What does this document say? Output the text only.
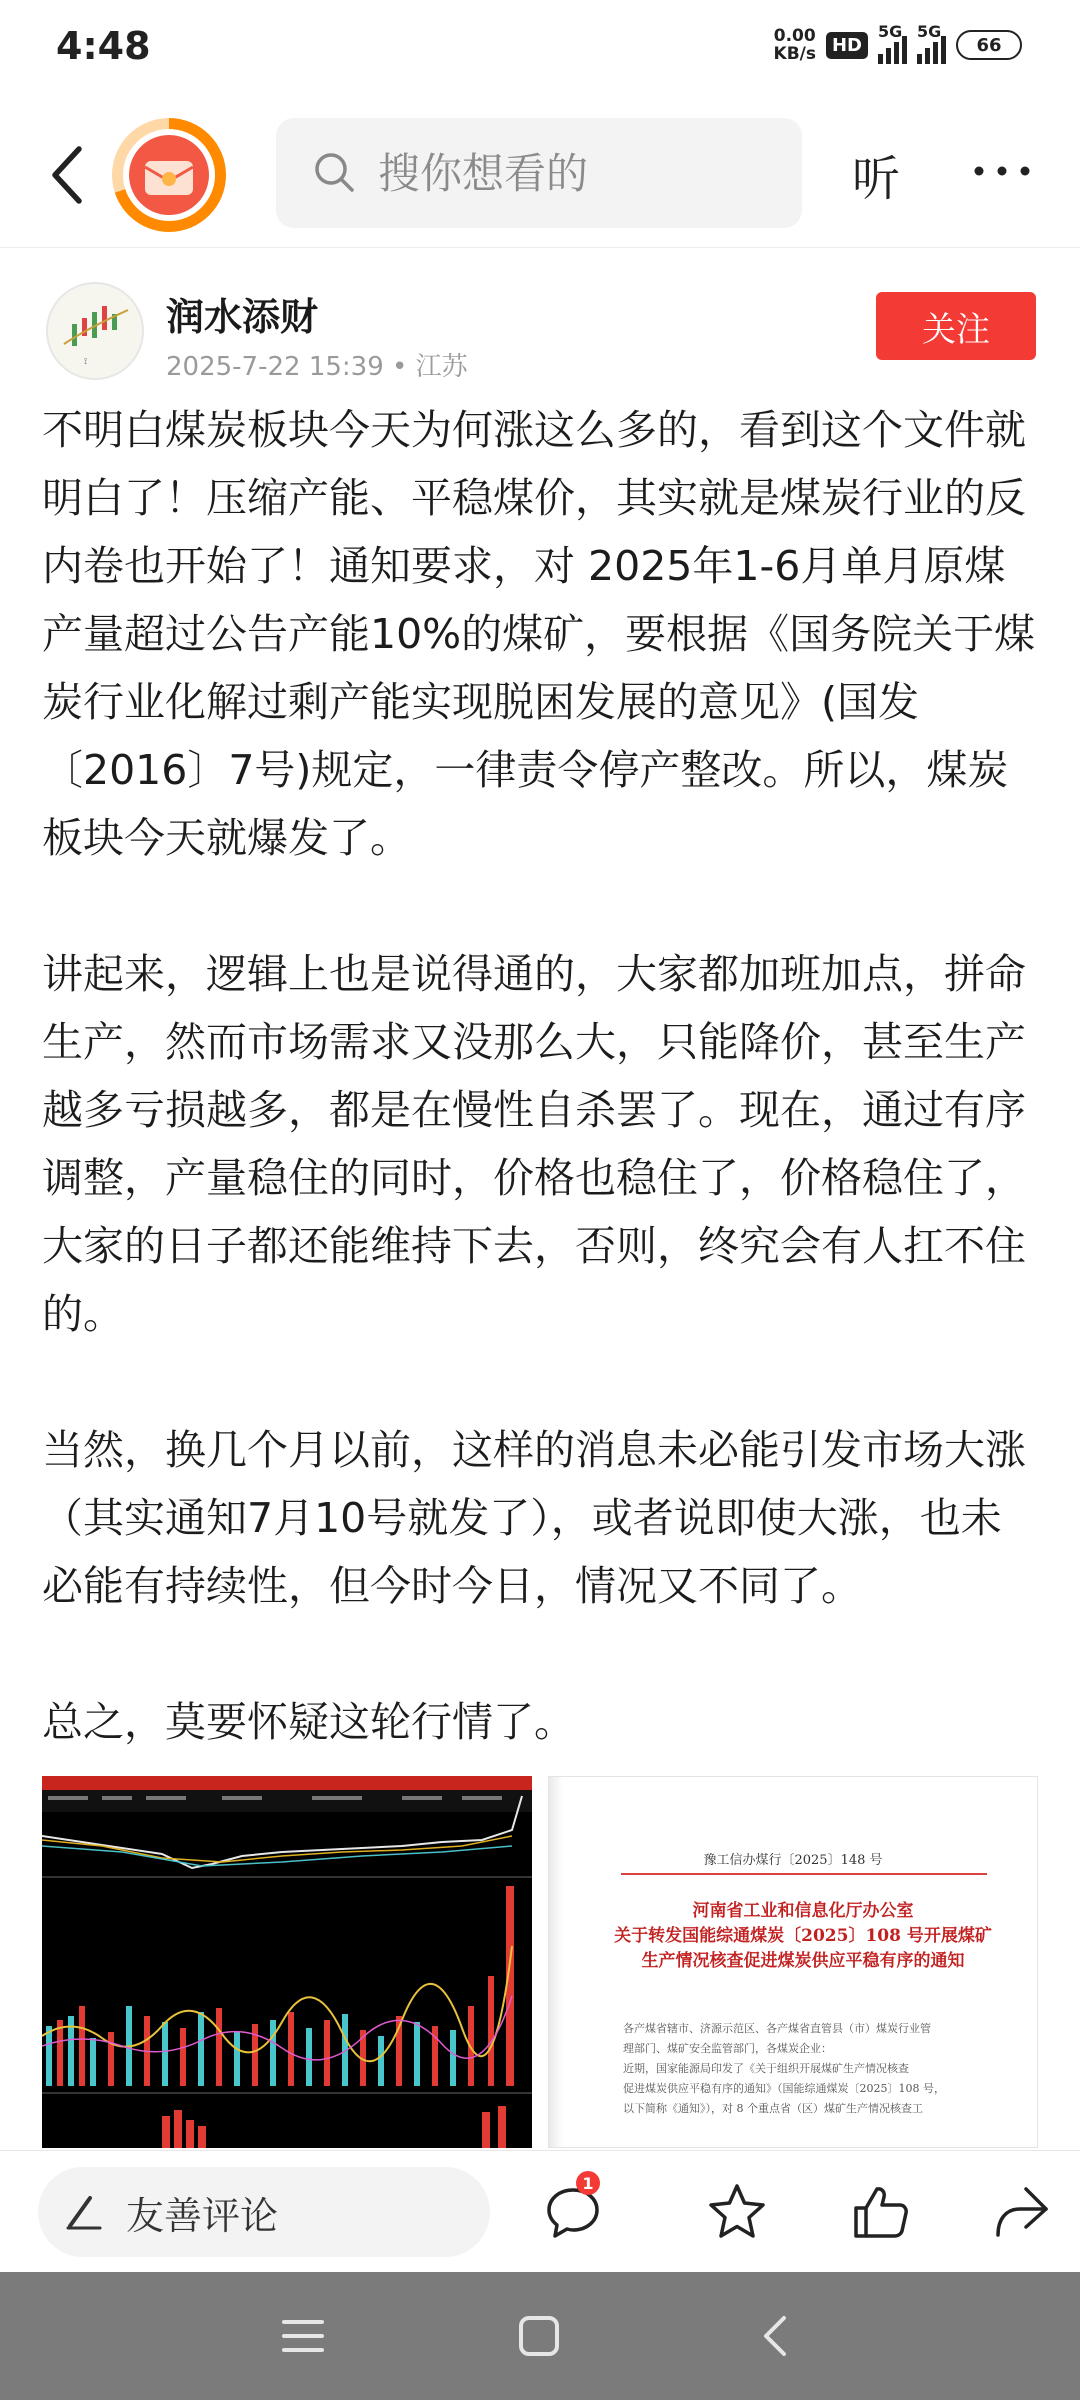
4:48	0.00
KB/s HD
5G 5G
66
搜你想看的
听
⟟
润水添财
2025-7-22 15:39 • 江苏
关注

不明白煤炭板块今天为何涨这么多的，看到这个文件就明白了！压缩产能、平稳煤价，其实就是煤炭行业的反内卷也开始了！通知要求，对 2025年1-6月单月原煤产量超过公告产能10%的煤矿，要根据《国务院关于煤炭行业化解过剩产能实现脱困发展的意见》(国发〔2016〕7号)规定，一律责令停产整改。所以，煤炭板块今天就爆发了。

讲起来，逻辑上也是说得通的，大家都加班加点，拼命生产，然而市场需求又没那么大，只能降价，甚至生产越多亏损越多，都是在慢性自杀罢了。现在，通过有序调整，产量稳住的同时，价格也稳住了，价格稳住了，大家的日子都还能维持下去，否则，终究会有人扛不住的。

当然，换几个月以前，这样的消息未必能引发市场大涨（其实通知7月10号就发了），或者说即使大涨，也未必能有持续性，但今时今日，情况又不同了。

总之，莫要怀疑这轮行情了。

豫工信办煤行〔2025〕148 号
河南省工业和信息化厅办公室
关于转发国能综通煤炭〔2025〕108 号开展煤矿
生产情况核查促进煤炭供应平稳有序的通知
各产煤省辖市、济源示范区、各产煤省直管县（市）煤炭行业管
理部门、煤矿安全监管部门，各煤炭企业：
近期，国家能源局印发了《关于组织开展煤矿生产情况核查
促进煤炭供应平稳有序的通知》（国能综通煤炭〔2025〕108 号，
以下简称《通知》），对 8 个重点省（区）煤矿生产情况核查工
友善评论
1
